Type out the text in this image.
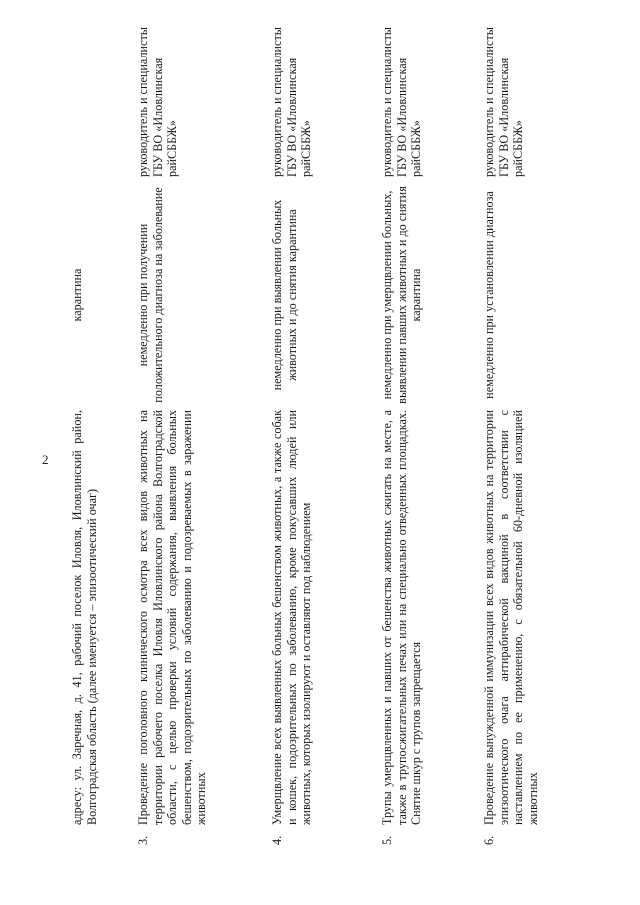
2 адресу: ул. Заречная, д. 41, рабочий поселок Иловля, Иловлинский район, Волгоградская область (далее именуется – эпизоотический очаг)
карантина
3.
Проведение поголовного клинического осмотра всех видов животных на территории рабочего поселка Иловля Иловлинского района Волгоградской области, с целью проверки условий содержания, выявления больных бешенством, подозрительных по заболеванию и подозреваемых в заражении животных
немедленно при получении положительного диагноза на заболевание
руководитель и специалисты ГБУ ВО «Иловлинская райСББЖ»
4.
Умерщвление всех выявленных больных бешенством животных, а также собак и кошек, подозрительных по заболеванию, кроме покусавших людей или животных, которых изолируют и оставляют под наблюдением
немедленно при выявлении больных животных и до снятия карантина
руководитель и специалисты ГБУ ВО «Иловлинская райСББЖ»
5.
Трупы умерщвленных и павших от бешенства животных сжигать на месте, а также в трупосжигательных печах или на специально отведенных площадках. Снятие шкур с трупов запрещается
немедленно при умерщвлении больных, выявлении павших животных и до снятия карантина
руководитель и специалисты ГБУ ВО «Иловлинская райСББЖ»
6.
Проведение вынужденной иммунизации всех видов животных на территории эпизоотического очага антирабической вакциной в соответствии с наставлением по ее применению, с обязательной 60-дневной изоляцией животных
немедленно при установлении диагноза
руководитель и специалисты ГБУ ВО «Иловлинская райСББЖ»
